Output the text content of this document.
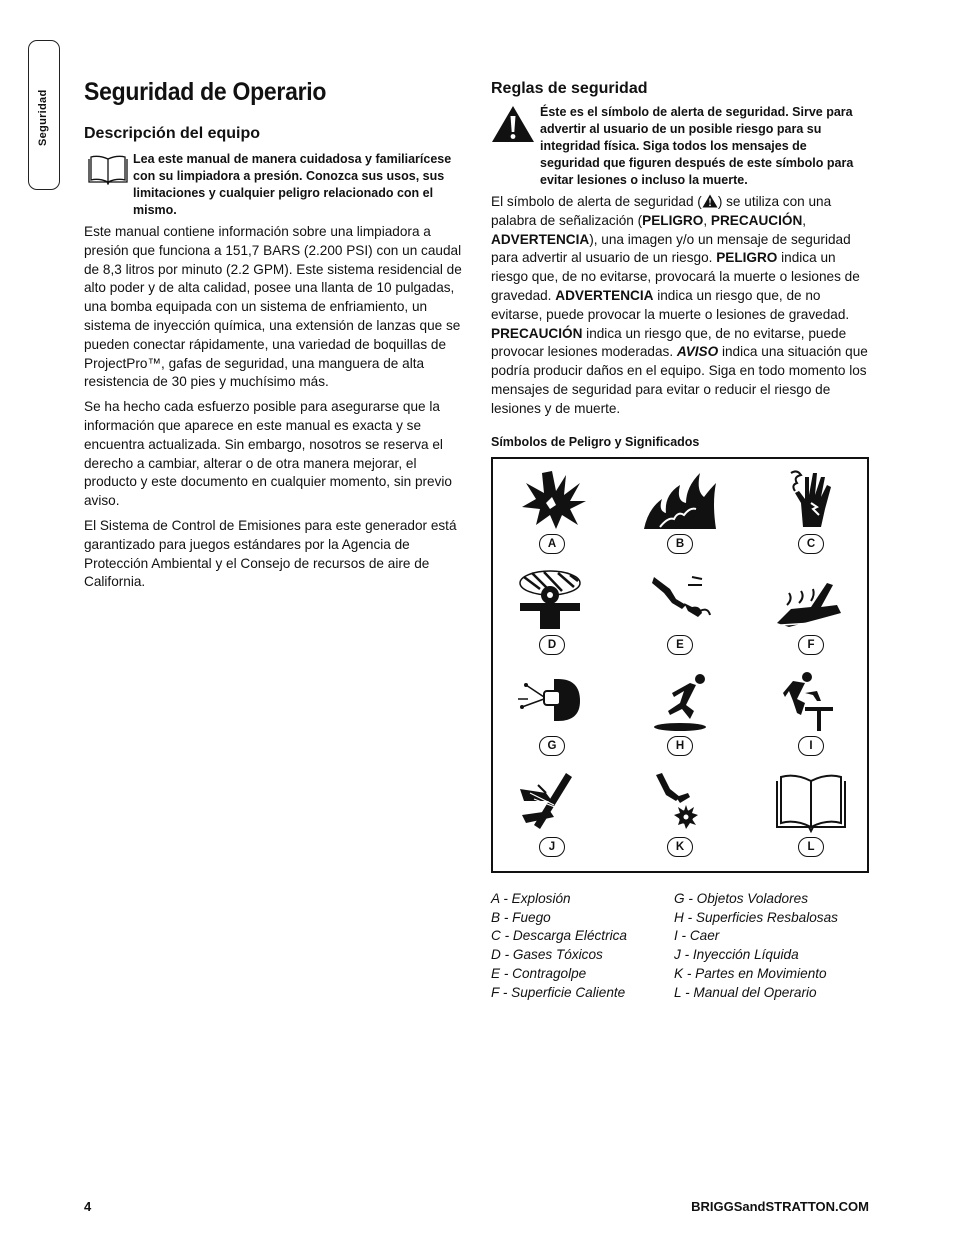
Seguridad Seguridad de Operario
Descripción del equipo

Lea este manual de manera cuidadosa y familiarícese con su limpiadora a presión. Conozca sus usos, sus limitaciones y cualquier peligro relacionado con el mismo.

Este manual contiene información sobre una limpiadora a presión que funciona a 151,7 BARS (2.200 PSI) con un caudal de 8,3 litros por minuto (2.2 GPM). Este sistema residencial de alto poder y de alta calidad, posee una llanta de 10 pulgadas, una bomba equipada con un sistema de enfriamiento, un sistema de inyección química, una extensión de lanzas que se pueden conectar rápidamente, una variedad de boquillas de ProjectPro™, gafas de seguridad, una manguera de alta resistencia de 30 pies y muchísimo más.

Se ha hecho cada esfuerzo posible para asegurarse que la información que aparece en este manual es exacta y se encuentra actualizada. Sin embargo, nosotros se reserva el derecho a cambiar, alterar o de otra manera mejorar, el producto y este documento en cualquier momento, sin previo aviso.

El Sistema de Control de Emisiones para este generador está garantizado para juegos estándares por la Agencia de Protección Ambiental y el Consejo de recursos de aire de California.

Reglas de seguridad

Éste es el símbolo de alerta de seguridad. Sirve para advertir al usuario de un posible riesgo para su integridad física. Siga todos los mensajes de seguridad que figuren después de este símbolo para evitar lesiones o incluso la muerte.

El símbolo de alerta de seguridad ( ) se utiliza con una palabra de señalización (PELIGRO, PRECAUCIÓN, ADVERTENCIA), una imagen y/o un mensaje de seguridad para advertir al usuario de un riesgo. PELIGRO indica un riesgo que, de no evitarse, provocará la muerte o lesiones de gravedad. ADVERTENCIA indica un riesgo que, de no evitarse, puede provocar la muerte o lesiones de gravedad. PRECAUCIÓN indica un riesgo que, de no evitarse, puede provocar lesiones moderadas. AVISO indica una situación que podría producir daños en el equipo. Siga en todo momento los mensajes de seguridad para evitar o reducir el riesgo de lesiones y de muerte.

Símbolos de Peligro y Significados
A	B	C
D	E	F
G	H	I
J	K	L
A - Explosión
B - Fuego
C - Descarga Eléctrica
D - Gases Tóxicos
E - Contragolpe
F - Superficie Caliente
G - Objetos Voladores
H - Superficies Resbalosas
I - Caer
J - Inyección Líquida
K - Partes en Movimiento
L - Manual del Operario
4	BRIGGSandSTRATTON.COM
